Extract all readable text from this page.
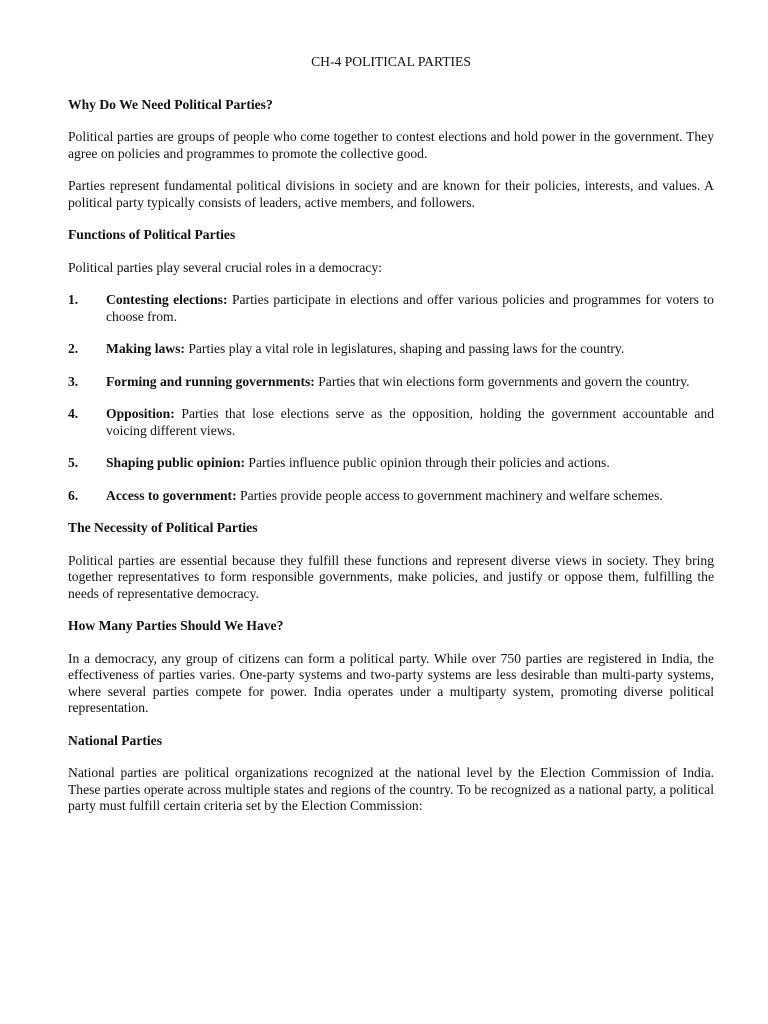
CH-4 POLITICAL PARTIES
Why Do We Need Political Parties?

Political parties are groups of people who come together to contest elections and hold power in the government. They agree on policies and programmes to promote the collective good.

Parties represent fundamental political divisions in society and are known for their policies, interests, and values. A political party typically consists of leaders, active members, and followers.

Functions of Political Parties

Political parties play several crucial roles in a democracy:

1. Contesting elections: Parties participate in elections and offer various policies and programmes for voters to choose from.
2. Making laws: Parties play a vital role in legislatures, shaping and passing laws for the country.
3. Forming and running governments: Parties that win elections form governments and govern the country.
4. Opposition: Parties that lose elections serve as the opposition, holding the government accountable and voicing different views.
5. Shaping public opinion: Parties influence public opinion through their policies and actions.
6. Access to government: Parties provide people access to government machinery and welfare schemes.
The Necessity of Political Parties

Political parties are essential because they fulfill these functions and represent diverse views in society. They bring together representatives to form responsible governments, make policies, and justify or oppose them, fulfilling the needs of representative democracy.

How Many Parties Should We Have?

In a democracy, any group of citizens can form a political party. While over 750 parties are registered in India, the effectiveness of parties varies. One-party systems and two-party systems are less desirable than multi-party systems, where several parties compete for power. India operates under a multiparty system, promoting diverse political representation.

National Parties

National parties are political organizations recognized at the national level by the Election Commission of India. These parties operate across multiple states and regions of the country. To be recognized as a national party, a political party must fulfill certain criteria set by the Election Commission:
